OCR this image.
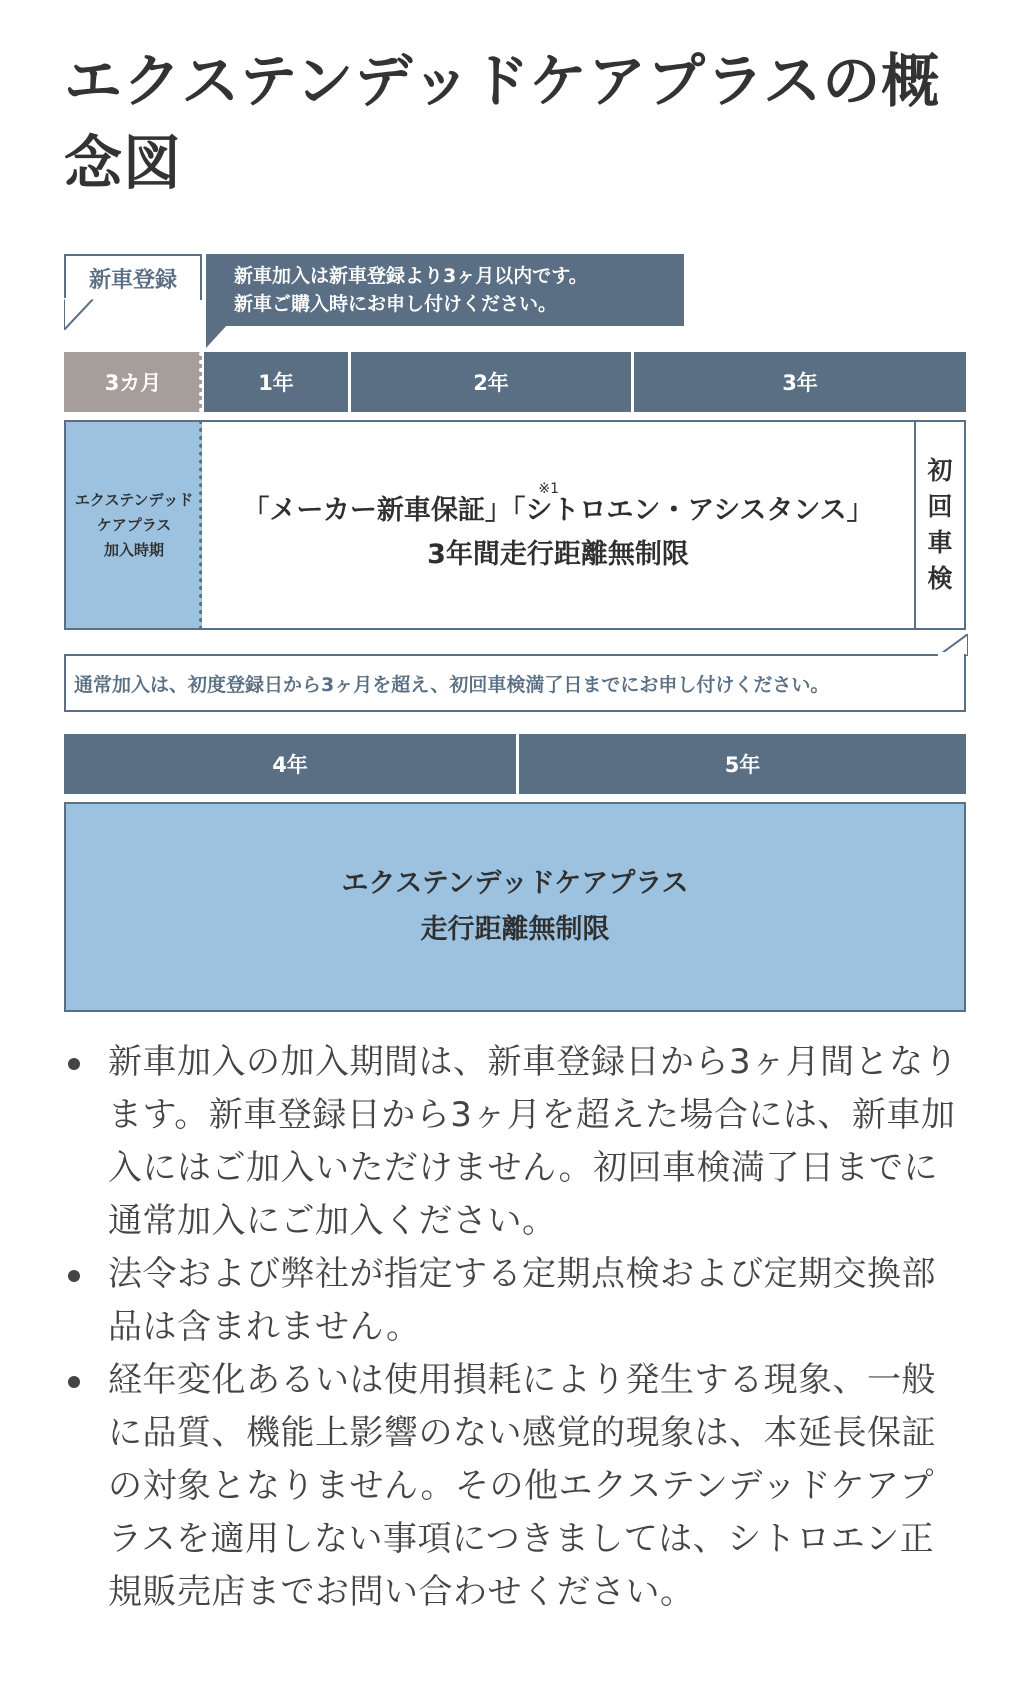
エクステンデッドケアプラスの概念図
新車登録	新車加入は新車登録より3ヶ月以内です。
新車ご購入時にお申し付けください。
3カ月	1年	2年	3年
エクステンデッド
ケアプラス
加入時期
※1
「メーカー新車保証」「シトロエン・アシスタンス」
3年間走行距離無制限
初
回
車
検
通常加入は、初度登録日から3ヶ月を超え、初回車検満了日までにお申し付けください。
4年	5年
エクステンデッドケアプラス
走行距離無制限
新車加入の加入期間は、新車登録日から3ヶ月間となります。新車登録日から3ヶ月を超えた場合には、新車加入にはご加入いただけません。初回車検満了日までに通常加入にご加入ください。
法令および弊社が指定する定期点検および定期交換部品は含まれません。
経年変化あるいは使用損耗により発生する現象、一般に品質、機能上影響のない感覚的現象は、本延長保証の対象となりません。その他エクステンデッドケアプラスを適用しない事項につきましては、シトロエン正規販売店までお問い合わせください。
